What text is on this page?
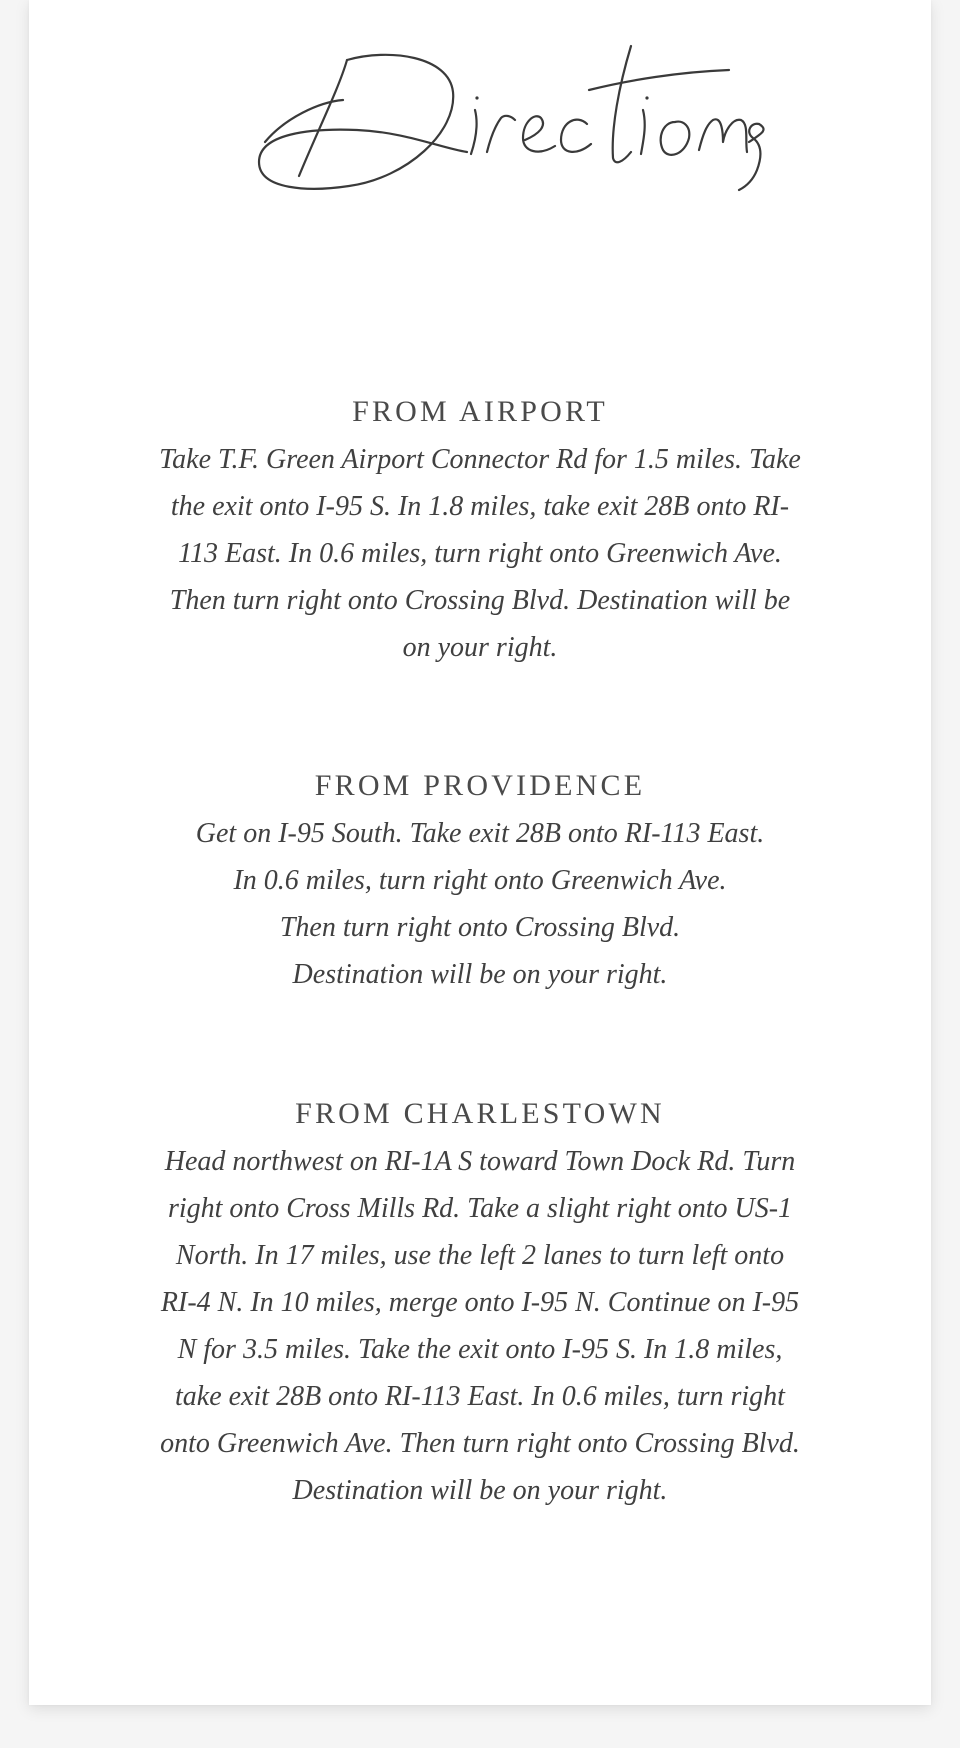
FROM AIRPORT

Take T.F. Green Airport Connector Rd for 1.5 miles. Take
the exit onto I-95 S. In 1.8 miles, take exit 28B onto RI-
113 East. In 0.6 miles, turn right onto Greenwich Ave.
Then turn right onto Crossing Blvd. Destination will be
on your right.

FROM PROVIDENCE

Get on I-95 South. Take exit 28B onto RI-113 East.
In 0.6 miles, turn right onto Greenwich Ave.
Then turn right onto Crossing Blvd.
Destination will be on your right.

FROM CHARLESTOWN

Head northwest on RI-1A S toward Town Dock Rd. Turn
right onto Cross Mills Rd. Take a slight right onto US-1
North. In 17 miles, use the left 2 lanes to turn left onto
RI-4 N. In 10 miles, merge onto I-95 N. Continue on I-95
N for 3.5 miles. Take the exit onto I-95 S. In 1.8 miles,
take exit 28B onto RI-113 East. In 0.6 miles, turn right
onto Greenwich Ave. Then turn right onto Crossing Blvd.
Destination will be on your right.
